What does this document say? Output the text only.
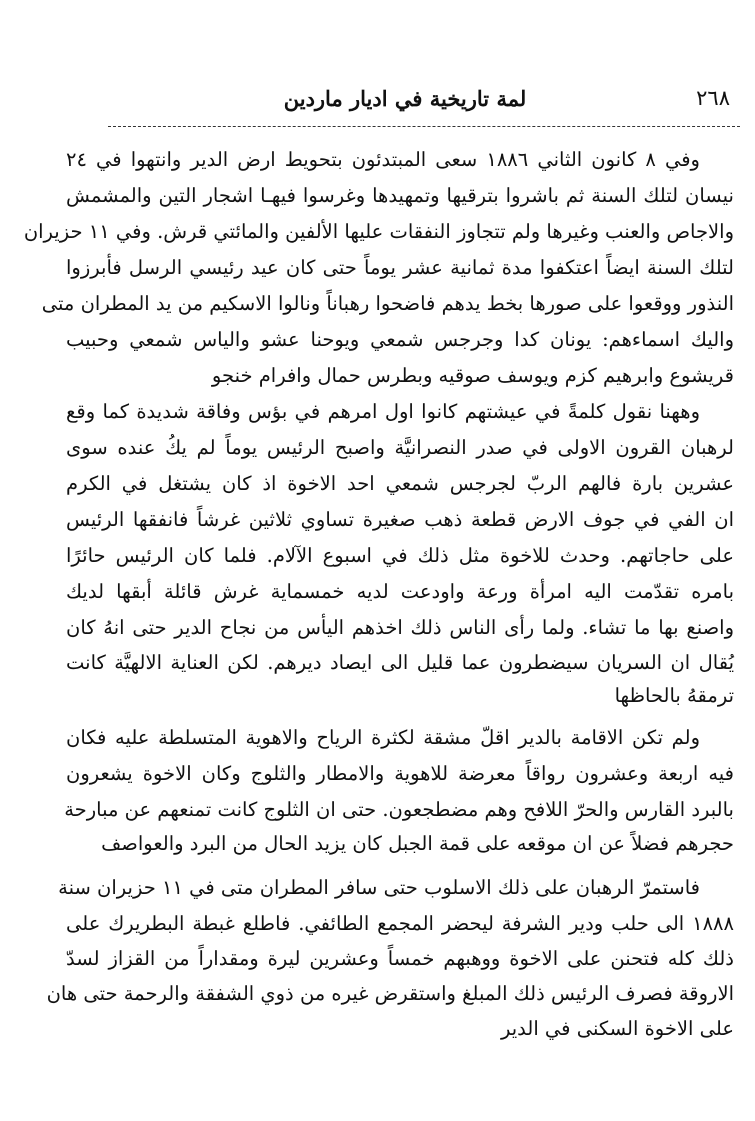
٢٦٨
لمة تاريخية في اديار ماردين
وفي ٨ كانون الثاني ١٨٨٦ سعى المبتدئون بتحويط ارض الدير وانتهوا في ٢٤
نيسان لتلك السنة ثم باشروا بترقيها وتمهيدها وغرسوا فيهـا اشجار التين والمشمش
والاجاص والعنب وغيرها ولم تتجاوز النفقات عليها الألفين والمائتي قرش. وفي ١١ حزيران
لتلك السنة ايضاً اعتكفوا مدة ثمانية عشر يوماً حتى كان عيد رئيسي الرسل فأبرزوا
النذور ووقعوا على صورها بخط يدهم فاضحوا رهباناً ونالوا الاسكيم من يد المطران متى
واليك اسماءهم: يونان كدا وجرجس شمعي ويوحنا عشو والياس شمعي وحبيب
قريشوع وابرهيم كزم ويوسف صوقيه وبطرس حمال وافرام خنجو
وههنا نقول كلمةً في عيشتهم كانوا اول امرهم في بؤس وفاقة شديدة كما وقع
لرهبان القرون الاولى في صدر النصرانيَّة واصبح الرئيس يوماً لم يكُ عنده سوى
عشرين بارة فالهم الربّ لجرجس شمعي احد الاخوة اذ كان يشتغل في الكرم
ان الفي في جوف الارض قطعة ذهب صغيرة تساوي ثلاثين غرشاً فانفقها الرئيس
على حاجاتهم. وحدث للاخوة مثل ذلك في اسبوع الآلام. فلما كان الرئيس حائرًا
بامره تقدّمت اليه امرأة ورعة واودعت لديه خمسماية غرش قائلة أبقها لديك
واصنع بها ما تشاء. ولما رأى الناس ذلك اخذهم اليأس من نجاح الدير حتى انهُ كان
يُقال ان السريان سيضطرون عما قليل الى ايصاد ديرهم. لكن العناية الالهيَّة كانت
ترمقهُ بالحاظها
ولم تكن الاقامة بالدير اقلّ مشقة لكثرة الرياح والاهوية المتسلطة عليه فكان
فيه اربعة وعشرون رواقاً معرضة للاهوية والامطار والثلوج وكان الاخوة يشعرون
بالبرد القارس والحرّ اللافح وهم مضطجعون. حتى ان الثلوج كانت تمنعهم عن مبارحة
حجرهم فضلاً عن ان موقعه على قمة الجبل كان يزيد الحال من البرد والعواصف
فاستمرّ الرهبان على ذلك الاسلوب حتى سافر المطران متى في ١١ حزيران سنة
١٨٨٨ الى حلب ودير الشرفة ليحضر المجمع الطائفي. فاطلع غبطة البطريرك على
ذلك كله فتحنن على الاخوة ووهبهم خمساً وعشرين ليرة ومقداراً من القزاز لسدّ
الاروقة فصرف الرئيس ذلك المبلغ واستقرض غيره من ذوي الشفقة والرحمة حتى هان
على الاخوة السكنى في الدير
